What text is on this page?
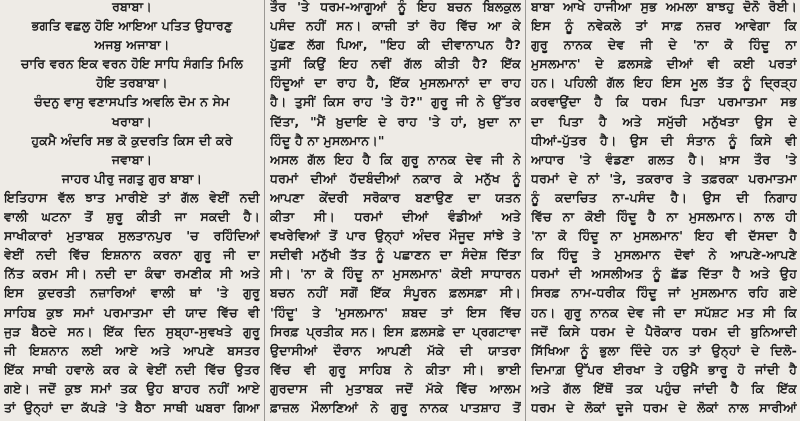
ਰਬਾਬਾ।
ਭਗਤਿ ਵਛਲੁ ਹੋਇ ਆਇਆ ਪਤਿਤ ਉਧਾਰਣੁ
ਅਜਬੁ ਅਜਾਬਾ।
ਚਾਰਿ ਵਰਨ ਇਕ ਵਰਨ ਹੋਇ ਸਾਧਿ ਸੰਗਤਿ ਮਿਲਿ
ਹੋਇ ਤਰਬਾਬਾ।
ਚੰਦਨੁ ਵਾਸੁ ਵਣਾਸਪਤਿ ਅਵਲਿ ਦੋਮ ਨ ਸੇਮ
ਖਰਾਬਾ।
ਹੁਕਮੈ ਅੰਦਰਿ ਸਭ ਕੋ ਕੁਦਰਤਿ ਕਿਸ ਦੀ ਕਰੇ
ਜਵਾਬਾ।
ਜਾਹਰ ਪੀਰੁ ਜਗਤੁ ਗੁਰ ਬਾਬਾ।
ਇਤਿਹਾਸ ਵੱਲ ਝਾਤ ਮਾਰੀਏ ਤਾਂ ਗੱਲ ਵੇਈਂ ਨਦੀ
ਵਾਲੀ ਘਟਨਾ ਤੋਂ ਸ਼ੁਰੂ ਕੀਤੀ ਜਾ ਸਕਦੀ ਹੈ।
ਸਾਖੀਕਾਰਾਂ ਮੁਤਾਬਕ ਸੁਲਤਾਨਪੁਰ 'ਚ ਰਹਿੰਦਿਆਂ
ਵੇਈਂ ਨਦੀ ਵਿੱਚ ਇਸ਼ਨਾਨ ਕਰਨਾ ਗੁਰੂ ਜੀ ਦਾ
ਨਿੱਤ ਕਰਮ ਸੀ। ਨਦੀ ਦਾ ਕੰਢਾ ਰਮਣੀਕ ਸੀ ਅਤੇ
ਇਸ ਕੁਦਰਤੀ ਨਜ਼ਾਰਿਆਂ ਵਾਲੀ ਥਾਂ 'ਤੇ ਗੁਰੂ
ਸਾਹਿਬ ਕੁਝ ਸਮਾਂ ਪਰਮਾਤਮਾ ਦੀ ਯਾਦ ਵਿੱਚ ਵੀ
ਜੁੜ ਬੈਠਦੇ ਸਨ। ਇੱਕ ਦਿਨ ਸੁਬ੍ਹਾ-ਸੁਵਖਤੇ ਗੁਰੂ
ਜੀ ਇਸ਼ਨਾਨ ਲਈ ਆਏ ਅਤੇ ਆਪਣੇ ਬਸਤਰ
ਇੱਕ ਸਾਥੀ ਹਵਾਲੇ ਕਰ ਕੇ ਵੇਈਂ ਨਦੀ ਵਿੱਚ ਉਤਰ
ਗਏ। ਜਦੋਂ ਕੁਝ ਸਮਾਂ ਤਕ ਉਹ ਬਾਹਰ ਨਹੀਂ ਆਏ
ਤਾਂ ਉਨ੍ਹਾਂ ਦਾ ਕੱਪੜੇ 'ਤੇ ਬੈਠਾ ਸਾਥੀ ਘਬਰਾ ਗਿਆ
ਤੌਰ 'ਤੇ ਧਰਮ-ਆਗੂਆਂ ਨੂੰ ਇਹ ਬਚਨ ਬਿਲਕੁਲ
ਪਸੰਦ ਨਹੀਂ ਸਨ। ਕਾਜ਼ੀ ਤਾਂ ਰੋਹ ਵਿੱਚ ਆ ਕੇ
ਪੁੱਛਣ ਲੱਗ ਪਿਆ, "ਇਹ ਕੀ ਦੀਵਾਨਾਪਨ ਹੈ?
ਤੁਸੀਂ ਕਿਉਂ ਇਹ ਨਵੀਂ ਗੱਲ ਕੀਤੀ ਹੈ? ਇੱਕ
ਹਿੰਦੂਆਂ ਦਾ ਰਾਹ ਹੈ, ਇੱਕ ਮੁਸਲਮਾਨਾਂ ਦਾ ਰਾਹ
ਹੈ। ਤੁਸੀਂ ਕਿਸ ਰਾਹ 'ਤੇ ਹੋ?" ਗੁਰੂ ਜੀ ਨੇ ਉੱਤਰ
ਦਿੱਤਾ, "ਮੈਂ ਖ਼ੁਦਾਇ ਦੇ ਰਾਹ 'ਤੇ ਹਾਂ, ਖ਼ੁਦਾ ਨਾ
ਹਿੰਦੂ ਹੈ ਨਾ ਮੁਸਲਮਾਨ।"
ਅਸਲ ਗੱਲ ਇਹ ਹੈ ਕਿ ਗੁਰੂ ਨਾਨਕ ਦੇਵ ਜੀ ਨੇ
ਧਰਮਾਂ ਦੀਆਂ ਹੱਦਬੰਦੀਆਂ ਨਕਾਰ ਕੇ ਮਨੁੱਖ ਨੂੰ
ਆਪਣਾ ਕੇਂਦਰੀ ਸਰੋਕਾਰ ਬਣਾਉਣ ਦਾ ਯਤਨ
ਕੀਤਾ ਸੀ। ਧਰਮਾਂ ਦੀਆਂ ਵੰਡੀਆਂ ਅਤੇ
ਵਖਰੇਵਿਆਂ ਤੋਂ ਪਾਰ ਉਨ੍ਹਾਂ ਅੰਦਰ ਮੌਜੂਦ ਸਾਂਝੇ ਤੇ
ਸਦੀਵੀ ਮਨੁੱਖੀ ਤੱਤ ਨੂੰ ਪਛਾਣਨ ਦਾ ਸੰਦੇਸ਼ ਦਿੱਤਾ
ਸੀ। 'ਨਾ ਕੋ ਹਿੰਦੂ ਨਾ ਮੁਸਲਮਾਨ' ਕੋਈ ਸਾਧਾਰਨ
ਬਚਨ ਨਹੀਂ ਸਗੋਂ ਇੱਕ ਸੰਪੂਰਨ ਫ਼ਲਸਫ਼ਾ ਸੀ।
'ਹਿੰਦੂ' ਤੇ 'ਮੁਸਲਮਾਨ' ਸ਼ਬਦ ਤਾਂ ਇਸ ਵਿੱਚ
ਸਿਰਫ਼ ਪ੍ਰਤੀਕ ਸਨ। ਇਸ ਫ਼ਲਸਫ਼ੇ ਦਾ ਪ੍ਰਗਟਾਵਾ
ਉਦਾਸੀਆਂ ਦੌਰਾਨ ਆਪਣੀ ਮੱਕੇ ਦੀ ਯਾਤਰਾ
ਵਿੱਚ ਵੀ ਗੁਰੂ ਸਾਹਿਬ ਨੇ ਕੀਤਾ ਸੀ। ਭਾਈ
ਗੁਰਦਾਸ ਜੀ ਮੁਤਾਬਕ ਜਦੋਂ ਮੱਕੇ ਵਿੱਚ ਆਲਮ
ਫ਼ਾਜ਼ਲ ਮੌਲਾਣਿਆਂ ਨੇ ਗੁਰੂ ਨਾਨਕ ਪਾਤਸ਼ਾਹ ਤੋਂ
ਬਾਬਾ ਆਖੇ ਹਾਜੀਆ ਸੁਭ ਅਮਲਾ ਬਾਝਹੁ ਦੋਨੋ ਰੋਈ।
ਇਸ ਨੂੰ ਨਵੇਕਲੇ ਤਾਂ ਸਾਫ਼ ਨਜ਼ਰ ਆਵੇਗਾ ਕਿ
ਗੁਰੂ ਨਾਨਕ ਦੇਵ ਜੀ ਦੇ 'ਨਾ ਕੋ ਹਿੰਦੂ ਨਾ
ਮੁਸਲਮਾਨ' ਦੇ ਫ਼ਲਸਫ਼ੇ ਦੀਆਂ ਵੀ ਕਈ ਪਰਤਾਂ
ਹਨ। ਪਹਿਲੀ ਗੱਲ ਇਹ ਇਸ ਮੂਲ ਤੱਤ ਨੂੰ ਦ੍ਰਿੜ੍ਹ
ਕਰਵਾਉਂਦਾ ਹੈ ਕਿ ਧਰਮ ਪਿਤਾ ਪਰਮਾਤਮਾ ਸਭ
ਦਾ ਪਿਤਾ ਹੈ ਅਤੇ ਸਮੁੱਚੀ ਮਨੁੱਖਤਾ ਉਸ ਦੇ
ਧੀਆਂ-ਪੁੱਤਰ ਹੈ। ਉਸ ਦੀ ਸੰਤਾਨ ਨੂੰ ਕਿਸੇ ਵੀ
ਆਧਾਰ 'ਤੇ ਵੰਡਣਾ ਗਲਤ ਹੈ। ਖ਼ਾਸ ਤੌਰ 'ਤੇ
ਧਰਮਾਂ ਦੇ ਨਾਂ 'ਤੇ, ਤਕਰਾਰ ਤੇ ਤਫ਼ਰਕਾ ਪਰਮਾਤਮਾ
ਨੂੰ ਕਦਾਚਿਤ ਨਾ-ਪਸੰਦ ਹੈ। ਉਸ ਦੀ ਨਿਗਾਹ
ਵਿੱਚ ਨਾ ਕੋਈ ਹਿੰਦੂ ਹੈ ਨਾ ਮੁਸਲਮਾਨ। ਨਾਲ ਹੀ
'ਨਾ ਕੋ ਹਿੰਦੂ ਨਾ ਮੁਸਲਮਾਨ' ਇਹ ਵੀ ਦੱਸਦਾ ਹੈ
ਕਿ ਹਿੰਦੂ ਤੇ ਮੁਸਲਮਾਨ ਦੋਵਾਂ ਨੇ ਆਪਣੇ-ਆਪਣੇ
ਧਰਮਾਂ ਦੀ ਅਸਲੀਅਤ ਨੂੰ ਛੱਡ ਦਿੱਤਾ ਹੈ ਅਤੇ ਉਹ
ਸਿਰਫ਼ ਨਾਮ-ਧਰੀਕ ਹਿੰਦੂ ਜਾਂ ਮੁਸਲਮਾਨ ਰਹਿ ਗਏ
ਹਨ। ਗੁਰੂ ਨਾਨਕ ਦੇਵ ਜੀ ਦਾ ਸਪੱਸ਼ਟ ਮਤ ਸੀ ਕਿ
ਜਦੋਂ ਕਿਸੇ ਧਰਮ ਦੇ ਪੈਰੋਕਾਰ ਧਰਮ ਦੀ ਬੁਨਿਆਦੀ
ਸਿੱਖਿਆ ਨੂੰ ਭੁਲਾ ਦਿੰਦੇ ਹਨ ਤਾਂ ਉਨ੍ਹਾਂ ਦੇ ਦਿਲੋ-
ਦਿਮਾਗ਼ ਉੱਪਰ ਈਰਖਾ ਤੇ ਹਉਮੈ ਭਾਰੂ ਹੋ ਜਾਂਦੀ ਹੈ
ਅਤੇ ਗੱਲ ਇੱਥੋਂ ਤਕ ਪਹੁੰਚ ਜਾਂਦੀ ਹੈ ਕਿ ਇੱਕ
ਧਰਮ ਦੇ ਲੋਕਾਂ ਦੂਜੇ ਧਰਮ ਦੇ ਲੋਕਾਂ ਨਾਲ ਸਾਰੀਆਂ
